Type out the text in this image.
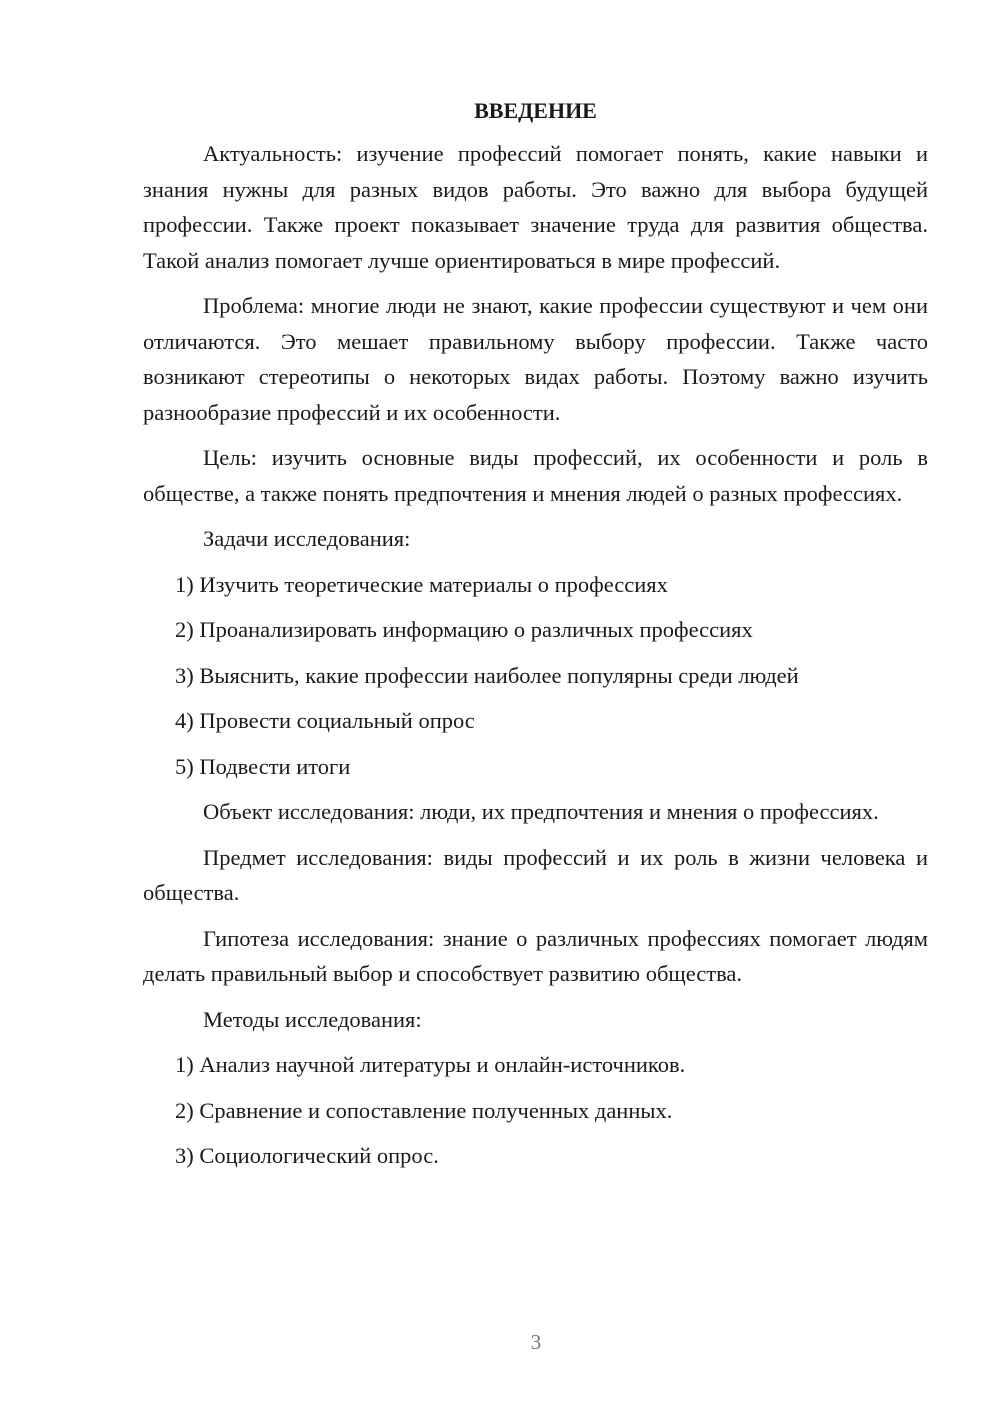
ВВЕДЕНИЕ

Актуальность: изучение профессий помогает понять, какие навыки и знания нужны для разных видов работы. Это важно для выбора будущей профессии. Также проект показывает значение труда для развития общества. Такой анализ помогает лучше ориентироваться в мире профессий.

Проблема: многие люди не знают, какие профессии существуют и чем они отличаются. Это мешает правильному выбору профессии. Также часто возникают стереотипы о некоторых видах работы. Поэтому важно изучить разнообразие профессий и их особенности.

Цель: изучить основные виды профессий, их особенности и роль в обществе, а также понять предпочтения и мнения людей о разных профессиях.

Задачи исследования:

1) Изучить теоретические материалы о профессиях
2) Проанализировать информацию о различных профессиях
3) Выяснить, какие профессии наиболее популярны среди людей
4) Провести социальный опрос
5) Подвести итоги

Объект исследования: люди, их предпочтения и мнения о профессиях.

Предмет исследования: виды профессий и их роль в жизни человека и общества.

Гипотеза исследования: знание о различных профессиях помогает людям делать правильный выбор и способствует развитию общества.

Методы исследования:

1) Анализ научной литературы и онлайн-источников.
2) Сравнение и сопоставление полученных данных.
3) Социологический опрос.
3
